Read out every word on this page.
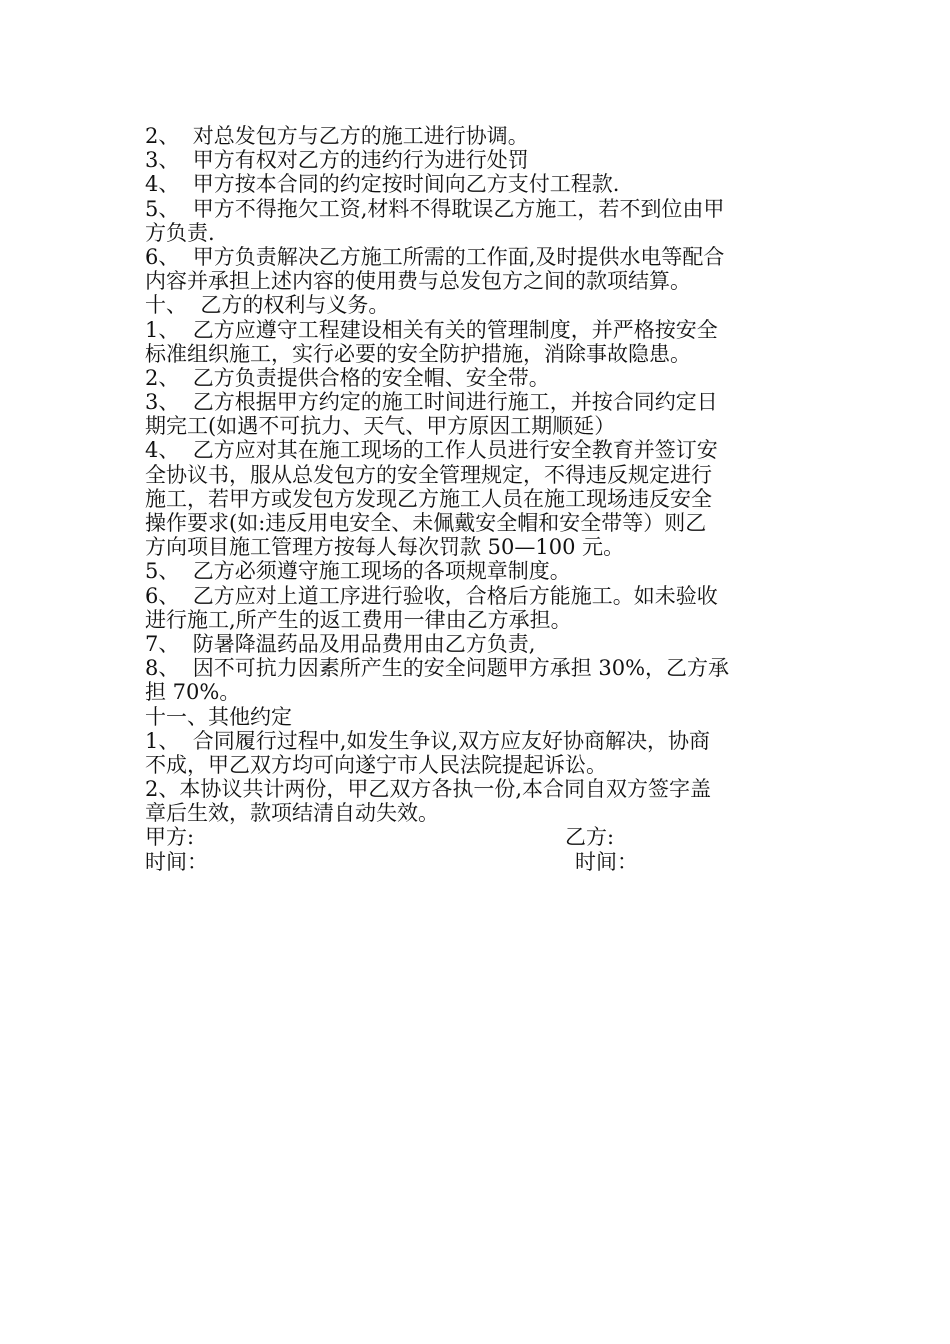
2、  对总发包方与乙方的施工进行协调。
3、  甲方有权对乙方的违约行为进行处罚
4、  甲方按本合同的约定按时间向乙方支付工程款.
5、  甲方不得拖欠工资,材料不得耽误乙方施工，若不到位由甲
方负责.
6、  甲方负责解决乙方施工所需的工作面,及时提供水电等配合
内容并承担上述内容的使用费与总发包方之间的款项结算。
十、  乙方的权利与义务。
1、  乙方应遵守工程建设相关有关的管理制度，并严格按安全
标准组织施工，实行必要的安全防护措施，消除事故隐患。
2、  乙方负责提供合格的安全帽、安全带。
3、  乙方根据甲方约定的施工时间进行施工，并按合同约定日
期完工(如遇不可抗力、天气、甲方原因工期顺延）
4、  乙方应对其在施工现场的工作人员进行安全教育并签订安
全协议书，服从总发包方的安全管理规定，不得违反规定进行
施工，若甲方或发包方发现乙方施工人员在施工现场违反安全
操作要求(如:违反用电安全、未佩戴安全帽和安全带等）则乙
方向项目施工管理方按每人每次罚款 50—100 元。
5、  乙方必须遵守施工现场的各项规章制度。
6、  乙方应对上道工序进行验收，合格后方能施工。如未验收
进行施工,所产生的返工费用一律由乙方承担。
7、  防暑降温药品及用品费用由乙方负责,
8、  因不可抗力因素所产生的安全问题甲方承担 30%，乙方承
担 70%。
十一、其他约定
1、  合同履行过程中,如发生争议,双方应友好协商解决，协商
不成，甲乙双方均可向遂宁市人民法院提起诉讼。
2、本协议共计两份，甲乙双方各执一份,本合同自双方签字盖
章后生效，款项结清自动失效。

甲方:

	乙方:

时间：

	时间：
